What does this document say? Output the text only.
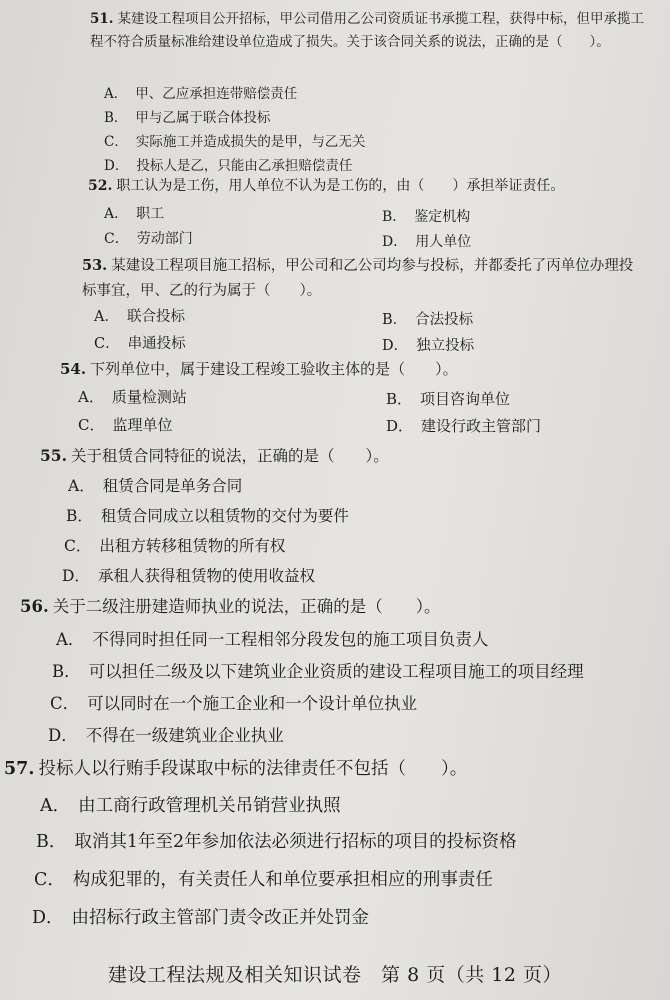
51. 某建设工程项目公开招标，甲公司借用乙公司资质证书承揽工程，获得中标，但甲承揽工程不符合质量标准给建设单位造成了损失。关于该合同关系的说法，正确的是（　　）。
A． 甲、乙应承担连带赔偿责任
B． 甲与乙属于联合体投标
C． 实际施工并造成损失的是甲，与乙无关
D． 投标人是乙，只能由乙承担赔偿责任
52. 职工认为是工伤，用人单位不认为是工伤的，由（　　）承担举证责任。
A． 职工	B． 鉴定机构
C． 劳动部门	D． 用人单位
53. 某建设工程项目施工招标，甲公司和乙公司均参与投标，并都委托了丙单位办理投标事宜，甲、乙的行为属于（　　）。
A． 联合投标	B． 合法投标
C． 串通投标	D． 独立投标
54. 下列单位中，属于建设工程竣工验收主体的是（　　）。
A． 质量检测站	B． 项目咨询单位
C． 监理单位	D． 建设行政主管部门
55. 关于租赁合同特征的说法，正确的是（　　）。
A． 租赁合同是单务合同
B． 租赁合同成立以租赁物的交付为要件
C． 出租方转移租赁物的所有权
D． 承租人获得租赁物的使用收益权
56. 关于二级注册建造师执业的说法，正确的是（　　）。
A． 不得同时担任同一工程相邻分段发包的施工项目负责人
B． 可以担任二级及以下建筑业企业资质的建设工程项目施工的项目经理
C． 可以同时在一个施工企业和一个设计单位执业
D． 不得在一级建筑业企业执业
57. 投标人以行贿手段谋取中标的法律责任不包括（　　）。
A． 由工商行政管理机关吊销营业执照
B． 取消其1年至2年参加依法必须进行招标的项目的投标资格
C． 构成犯罪的，有关责任人和单位要承担相应的刑事责任
D． 由招标行政主管部门责令改正并处罚金
建设工程法规及相关知识试卷　第 8 页（共 12 页）
